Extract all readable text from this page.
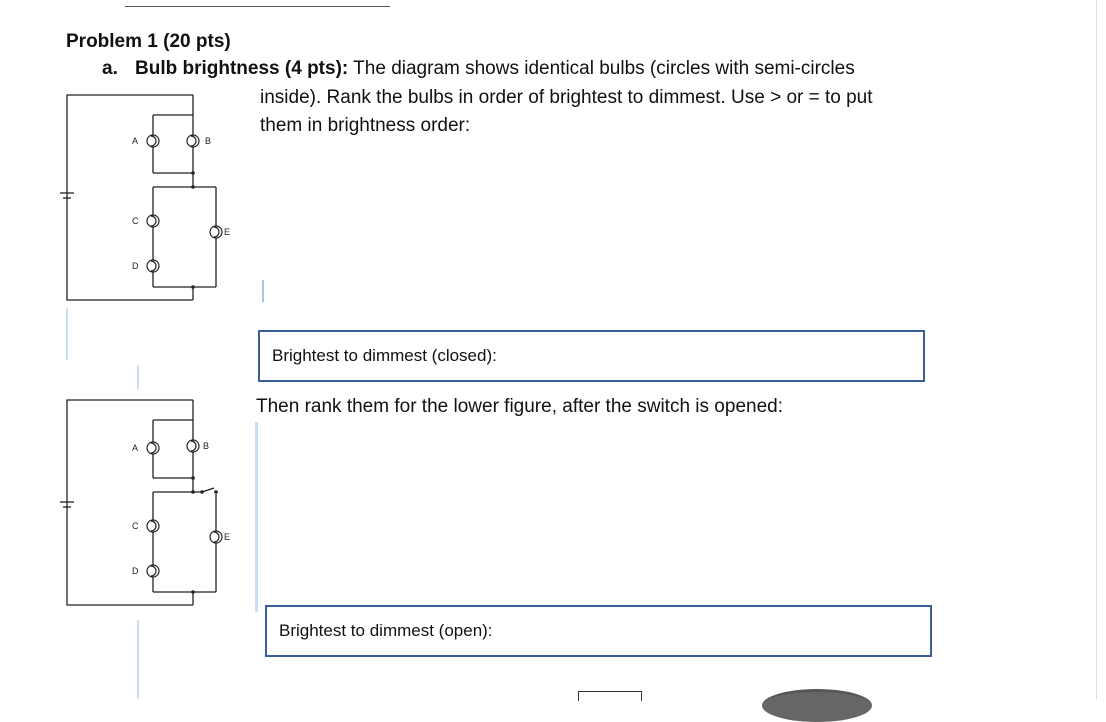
Problem 1 (20 pts)
a. Bulb brightness (4 pts): The diagram shows identical bulbs (circles with semi-circles
inside). Rank the bulbs in order of brightest to dimmest. Use > or = to put
them in brightness order:
A	B
C
D
E
A	B
C
D
E
Brightest to dimmest (closed):
Then rank them for the lower figure, after the switch is opened:
Brightest to dimmest (open):
